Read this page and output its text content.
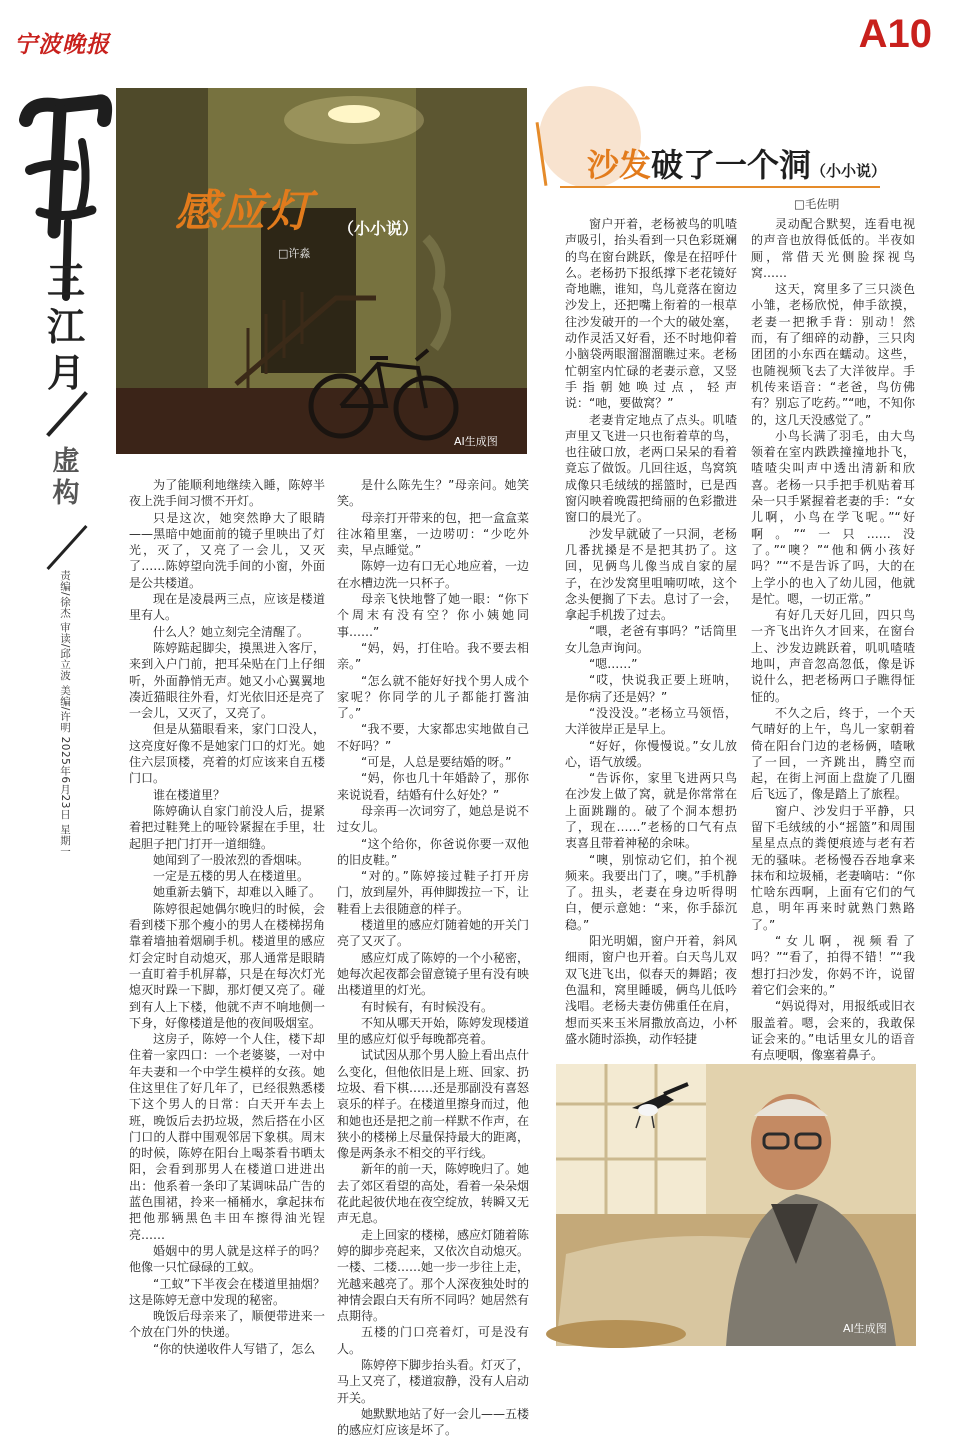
宁波晚报	A10
三江月
虚构
责编/徐杰 审读/邱立波 美编/许明 2025年6月23日 星期一
感应灯 （小小说）
□许淼
AI生成图
沙发破了一个洞（小小说）
□毛佐明

为了能顺利地继续入睡，陈婷半夜上洗手间习惯不开灯。

只是这次，她突然睁大了眼睛——黑暗中她面前的镜子里映出了灯光，灭了，又亮了一会儿，又灭了……陈婷望向洗手间的小窗，外面是公共楼道。

现在是凌晨两三点，应该是楼道里有人。

什么人？她立刻完全清醒了。

陈婷踮起脚尖，摸黑进入客厅，来到入户门前，把耳朵贴在门上仔细听，外面静悄无声。她又小心翼翼地凑近猫眼往外看，灯光依旧还是亮了一会儿，又灭了，又亮了。

但是从猫眼看来，家门口没人，这亮度好像不是她家门口的灯光。她住六层顶楼，亮着的灯应该来自五楼门口。

谁在楼道里？

陈婷确认自家门前没人后，提紧着把过鞋凳上的哑铃紧握在手里，壮起胆子把门打开一道细缝。

她闻到了一股浓烈的香烟味。

一定是五楼的男人在楼道里。

她重新去躺下，却难以入睡了。

陈婷很起她偶尔晚归的时候，会看到楼下那个瘦小的男人在楼梯拐角靠着墙抽着烟刷手机。楼道里的感应灯会定时自动熄灭，那人通常是眼睛一直盯着手机屏幕，只是在每次灯光熄灭时跺一下脚，那灯便又亮了。碰到有人上下楼，他就不声不响地侧一下身，好像楼道是他的夜间吸烟室。

这房子，陈婷一个人住，楼下却住着一家四口：一个老婆婆，一对中年夫妻和一个中学生模样的女孩。她住这里住了好几年了，已经很熟悉楼下这个男人的日常：白天开车去上班，晚饭后去扔垃圾，然后搭在小区门口的人群中围观邻居下象棋。周末的时候，陈婷在阳台上喝茶看书晒太阳，会看到那男人在楼道口进进出出：他系着一条印了某调味品广告的蓝色围裙，拎来一桶桶水，拿起抹布把他那辆黑色丰田车擦得油光锃亮……

婚姻中的男人就是这样子的吗？他像一只忙碌碌的工蚁。

“工蚁”下半夜会在楼道里抽烟？这是陈婷无意中发现的秘密。

晚饭后母亲来了，顺便带进来一个放在门外的快递。

“你的快递收件人写错了，怎么

是什么陈先生？”母亲问。她笑笑。

母亲打开带来的包，把一盒盒菜往冰箱里塞，一边唠叨：“少吃外卖，早点睡觉。”

陈婷一边有口无心地应着，一边在水槽边洗一只杯子。

母亲飞快地瞥了她一眼：“你下个周末有没有空？你小姨她同事……”

“妈，妈，打住哈。我不要去相亲。”

“怎么就不能好好找个男人成个家呢？你同学的儿子都能打酱油了。”

“我不要，大家都忠实地做自己不好吗？”

“可是，人总是要结婚的呀。”

“妈，你也几十年婚龄了，那你来说说看，结婚有什么好处？”

母亲再一次词穷了，她总是说不过女儿。

“这个给你，你爸说你要一双他的旧皮鞋。”

“对的。”陈婷接过鞋子打开房门，放到屋外，再伸脚拨拉一下，让鞋看上去很随意的样子。

楼道里的感应灯随着她的开关门亮了又灭了。

感应灯成了陈婷的一个小秘密，她每次起夜都会留意镜子里有没有映出楼道里的灯光。

有时候有，有时候没有。

不知从哪天开始，陈婷发现楼道里的感应灯似乎每晚都亮着。

试试因从那个男人脸上看出点什么变化，但他依旧是上班、回家、扔垃圾、看下棋……还是那副没有喜怒哀乐的样子。在楼道里擦身而过，他和她也还是把之前一样默不作声，在狭小的楼梯上尽量保持最大的距离，像是两条永不相交的平行线。

新年的前一天，陈婷晚归了。她去了郊区看望的高处，看着一朵朵烟花此起彼伏地在夜空绽放，转瞬又无声无息。

走上回家的楼梯，感应灯随着陈婷的脚步亮起来，又依次自动熄灭。一楼、二楼……她一步一步往上走，光越来越亮了。那个人深夜独处时的神情会跟白天有所不同吗？她居然有点期待。

五楼的门口亮着灯，可是没有人。

陈婷停下脚步抬头看。灯灭了，马上又亮了，楼道寂静，没有人启动开关。

她默默地站了好一会儿——五楼的感应灯应该是坏了。

窗户开着，老杨被鸟的叽喳声吸引，抬头看到一只色彩斑斓的鸟在窗台跳跃，像是在招呼什么。老杨扔下报纸撑下老花镜好奇地瞧，谁知，鸟儿竟落在窗边沙发上，还把嘴上衔着的一根草往沙发破开的一个大的破处塞，动作灵活又好看，还不时地仰着小脑袋两眼溜溜溜瞧过来。老杨忙朝室内忙碌的老妻示意，又竖手指朝她唤过点，轻声说：“吔，要做窝？”

老妻肯定地点了点头。叽喳声里又飞进一只也衔着草的鸟，也往破口放，老两口呆呆的看着竟忘了做饭。几回往返，鸟窝筑成像只毛绒绒的摇篮时，已是西窗闪映着晚霞把绮丽的色彩撒进窗口的晨光了。

沙发早就破了一只洞，老杨几番扰搡是不是把其扔了。这回，见俩鸟儿像当成自家的屋子，在沙发窝里咀喃叨哝，这个念头便搁了下去。息讨了一会，拿起手机拨了过去。

“喂，老爸有事吗？”话筒里女儿急声询问。

“嗯……”

“哎，快说我正要上班呐，是你病了还是妈？”

“没没没。”老杨立马领悟，大洋彼岸正是早上。

“好好，你慢慢说。”女儿放心，语气放缓。

“告诉你，家里飞进两只鸟在沙发上做了窝，就是你常常在上面跳蹦的。破了个洞本想扔了，现在……”老杨的口气有点衷喜且带着神秘的余味。

“噢，别惊动它们，拍个视频来。我要出门了，噢。”手机静了。扭头，老妻在身边听得明白，便示意她：“来，你手舔沉稳。”

阳光明媚，窗户开着，斜风细雨，窗户也开着。白天鸟儿双双飞进飞出，似春天的舞蹈；夜色温和，窝里睡暖，俩鸟儿低吟浅唱。老杨夫妻仿佛重任在肩，想而买来玉米屑撒放高边，小杯盛水随时添换，动作轻捷

灵动配合默契，连看电视的声音也放得低低的。半夜如厕，常借天光侧脸探视鸟窝……

这天，窝里多了三只淡色小雏，老杨欣悦，伸手欲摸，老妻一把揪手背：别动！然而，有了细碎的动静，三只肉团团的小东西在蠕动。这些，也随视频飞去了大洋彼岸。手机传来语音：“老爸，鸟仿佛有？别忘了吃药。”“吔，不知你的，这几天没感觉了。”

小鸟长满了羽毛，由大鸟领着在室内跌跌撞撞地扑飞，喳喳尖叫声中透出清新和欣喜。老杨一只手把手机贴着耳朵一只手紧握着老妻的手：“女儿啊，小鸟在学飞呢。”“好啊。”“一只……没了。”“噢？”“他和俩小孩好吗？”“不是告诉了吗，大的在上学小的也入了幼儿园，他就是忙。嗯，一切正常。”

有好几天好几回，四只鸟一齐飞出许久才回来，在窗台上、沙发边跳跃着，叽叽喳喳地叫，声音忽高忽低，像是诉说什么，把老杨两口子瞧得怔怔的。

不久之后，终于，一个天气晴好的上午，鸟儿一家朝着倚在阳台门边的老杨俩，喳啾了一回，一齐跳出，腾空而起，在街上河面上盘旋了几圈后飞远了，像是踏上了旅程。

窗户、沙发归于平静，只留下毛绒绒的小“摇篮”和周围星星点点的粪便痕迹与老有若无的骚味。老杨慢吞吞地拿来抹布和垃圾桶，老妻嘀咕：“你忙啥东西啊，上面有它们的气息，明年再来时就熟门熟路了。”

“女儿啊，视频看了吗？”“看了，拍得不错！”“我想打扫沙发，你妈不许，说留着它们会来的。”

“妈说得对，用报纸或旧衣服盖着。嗯，会来的，我敢保证会来的。”电话里女儿的语音有点哽咽，像塞着鼻子。

AI生成图
